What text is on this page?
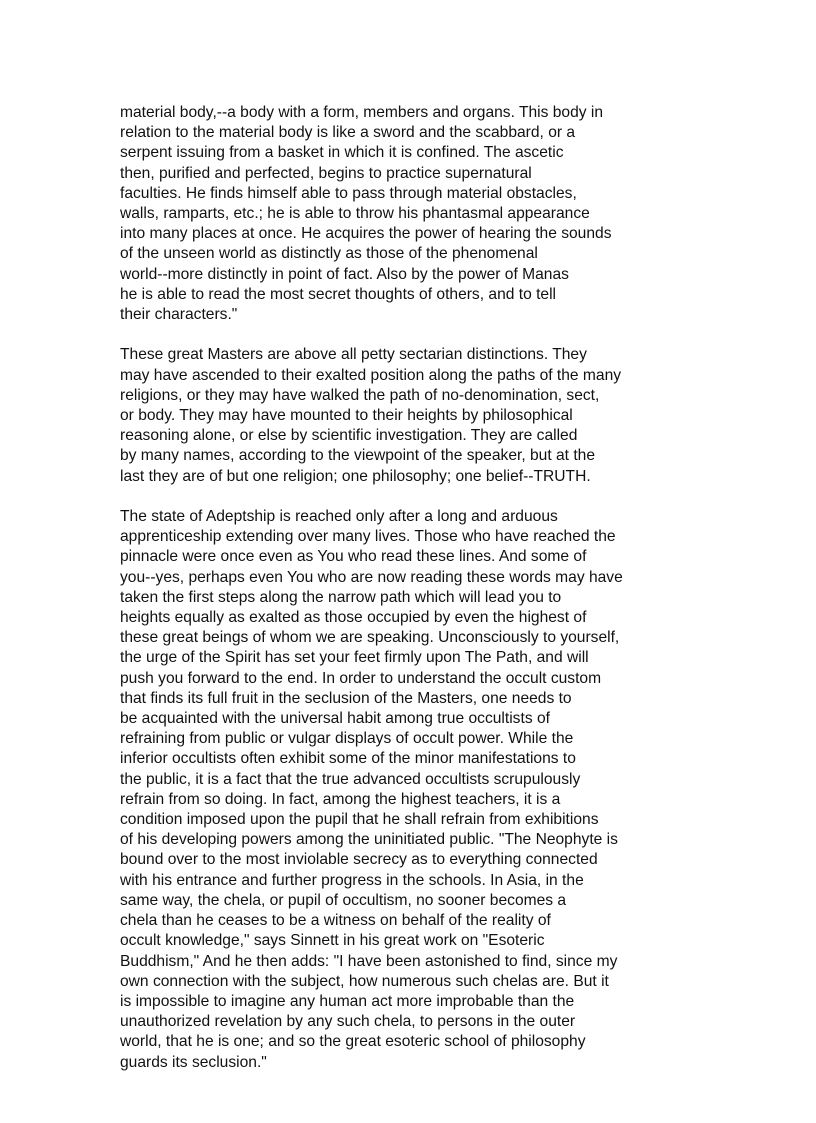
material body,--a body with a form, members and organs. This body in
relation to the material body is like a sword and the scabbard, or a
serpent issuing from a basket in which it is confined. The ascetic
then, purified and perfected, begins to practice supernatural
faculties. He finds himself able to pass through material obstacles,
walls, ramparts, etc.; he is able to throw his phantasmal appearance
into many places at once. He acquires the power of hearing the sounds
of the unseen world as distinctly as those of the phenomenal
world--more distinctly in point of fact. Also by the power of Manas
he is able to read the most secret thoughts of others, and to tell
their characters."

These great Masters are above all petty sectarian distinctions. They
may have ascended to their exalted position along the paths of the many
religions, or they may have walked the path of no-denomination, sect,
or body. They may have mounted to their heights by philosophical
reasoning alone, or else by scientific investigation. They are called
by many names, according to the viewpoint of the speaker, but at the
last they are of but one religion; one philosophy; one belief--TRUTH.

The state of Adeptship is reached only after a long and arduous
apprenticeship extending over many lives. Those who have reached the
pinnacle were once even as You who read these lines. And some of
you--yes, perhaps even You who are now reading these words may have
taken the first steps along the narrow path which will lead you to
heights equally as exalted as those occupied by even the highest of
these great beings of whom we are speaking. Unconsciously to yourself,
the urge of the Spirit has set your feet firmly upon The Path, and will
push you forward to the end. In order to understand the occult custom
that finds its full fruit in the seclusion of the Masters, one needs to
be acquainted with the universal habit among true occultists of
refraining from public or vulgar displays of occult power. While the
inferior occultists often exhibit some of the minor manifestations to
the public, it is a fact that the true advanced occultists scrupulously
refrain from so doing. In fact, among the highest teachers, it is a
condition imposed upon the pupil that he shall refrain from exhibitions
of his developing powers among the uninitiated public. "The Neophyte is
bound over to the most inviolable secrecy as to everything connected
with his entrance and further progress in the schools. In Asia, in the
same way, the chela, or pupil of occultism, no sooner becomes a
chela than he ceases to be a witness on behalf of the reality of
occult knowledge," says Sinnett in his great work on "Esoteric
Buddhism," And he then adds: "I have been astonished to find, since my
own connection with the subject, how numerous such chelas are. But it
is impossible to imagine any human act more improbable than the
unauthorized revelation by any such chela, to persons in the outer
world, that he is one; and so the great esoteric school of philosophy
guards its seclusion."
